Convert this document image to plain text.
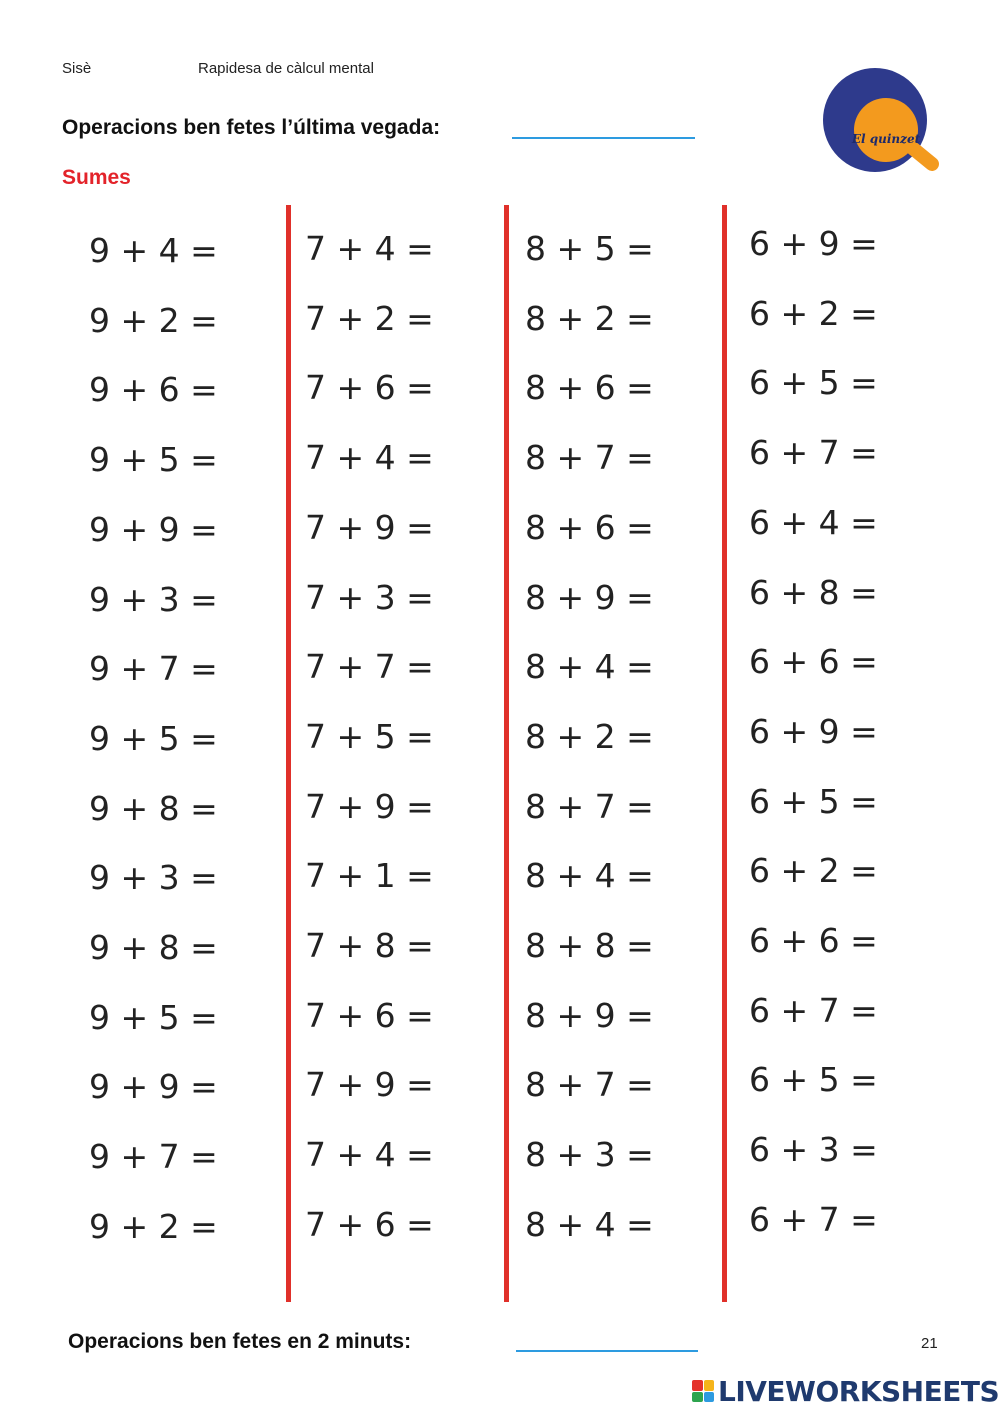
Sisè	Rapidesa de càlcul mental
Operacions ben fetes l’última vegada:
Sumes
El quinzet
9 + 4 =
9 + 2 =
9 + 6 =
9 + 5 =
9 + 9 =
9 + 3 =
9 + 7 =
9 + 5 =
9 + 8 =
9 + 3 =
9 + 8 =
9 + 5 =
9 + 9 =
9 + 7 =
9 + 2 =
7 + 4 =
7 + 2 =
7 + 6 =
7 + 4 =
7 + 9 =
7 + 3 =
7 + 7 =
7 + 5 =
7 + 9 =
7 + 1 =
7 + 8 =
7 + 6 =
7 + 9 =
7 + 4 =
7 + 6 =
8 + 5 =
8 + 2 =
8 + 6 =
8 + 7 =
8 + 6 =
8 + 9 =
8 + 4 =
8 + 2 =
8 + 7 =
8 + 4 =
8 + 8 =
8 + 9 =
8 + 7 =
8 + 3 =
8 + 4 =
6 + 9 =
6 + 2 =
6 + 5 =
6 + 7 =
6 + 4 =
6 + 8 =
6 + 6 =
6 + 9 =
6 + 5 =
6 + 2 =
6 + 6 =
6 + 7 =
6 + 5 =
6 + 3 =
6 + 7 =
Operacions ben fetes en 2 minuts:	21
LIVEWORKSHEETS
